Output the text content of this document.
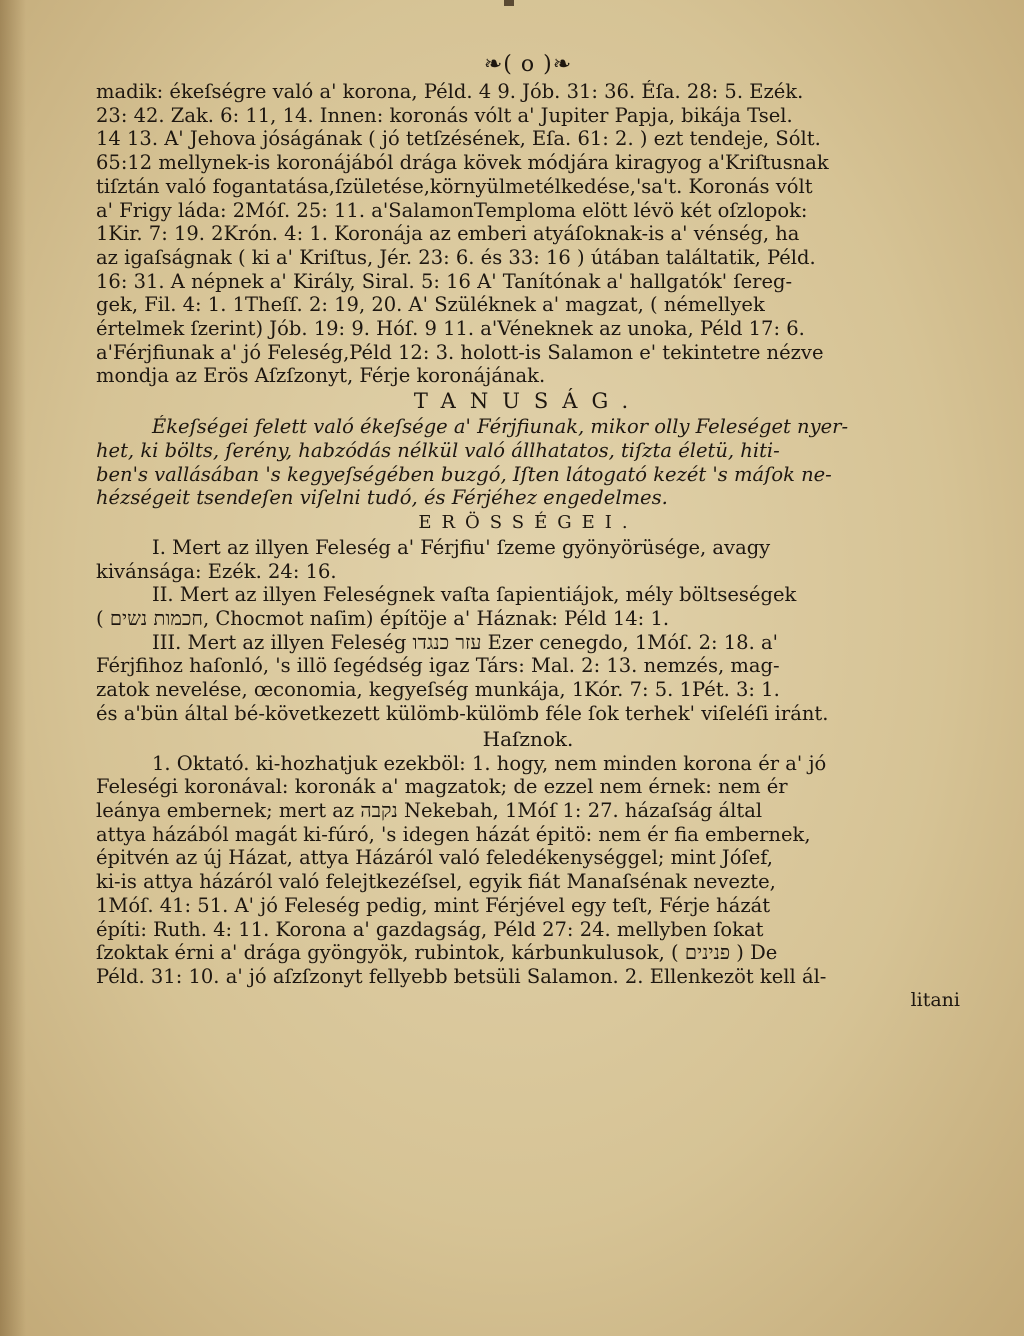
❧( o )❧
madik: ékeſségre való a' korona, Péld. 4 9. Jób. 31: 36. Éſa. 28: 5. Ezék.
23: 42. Zak. 6: 11, 14. Innen: koronás vólt a' Jupiter Papja, bikája Tsel.
14 13. A' Jehova jóságának ( jó tetſzésének, Eſa. 61: 2. ) ezt tendeje, Sólt.
65:12 mellynek-is koronájából drága kövek módjára kiragyog a'Kriſtusnak
tiſztán való fogantatása,ſzületése,környülmetélkedése,'sa't. Koronás vólt
a' Frigy láda: 2Móſ. 25: 11. a'SalamonTemploma elött lévö két oſzlopok:
1Kir. 7: 19. 2Krón. 4: 1. Koronája az emberi atyáſoknak-is a' vénség, ha
az igaſságnak ( ki a' Kriſtus, Jér. 23: 6. és 33: 16 ) útában találtatik, Péld.
16: 31. A népnek a' Király, Siral. 5: 16 A' Tanítónak a' hallgatók' ſereg-
gek, Fil. 4: 1. 1Theſſ. 2: 19, 20. A' Szüléknek a' magzat, ( némellyek
értelmek ſzerint) Jób. 19: 9. Hóſ. 9 11. a'Véneknek az unoka, Péld 17: 6.
a'Férjfiunak a' jó Feleség,Péld 12: 3. holott-is Salamon e' tekintetre nézve
mondja az Erös Aſzſzonyt, Férje koronájának.
TANUSÁG.
Ékeſségei felett való ékeſsége a' Férjfiunak, mikor olly Feleséget nyer-
het, ki bölts, ſerény, habzódás nélkül való állhatatos, tiſzta életü, hiti-
ben's vallásában 's kegyeſségében buzgó, Iſten látogató kezét 's máſok ne-
hézségeit tsendeſen viſelni tudó, és Férjéhez engedelmes.
ERÖSSÉGEI.
I. Mert az illyen Feleség a' Férjfiu' ſzeme gyönyörüsége, avagy
kivánsága: Ezék. 24: 16.
II. Mert az illyen Feleségnek vaſta ſapientiájok, mély böltseségek
( חכמות נשים, Chocmot naſim) építöje a' Háznak: Péld 14: 1.
III. Mert az illyen Feleség עזר כנגדו Ezer cenegdo, 1Móſ. 2: 18. a'
Férjfihoz haſonló, 's illö ſegédség igaz Társ: Mal. 2: 13. nemzés, mag-
zatok nevelése, œconomia, kegyeſség munkája, 1Kór. 7: 5. 1Pét. 3: 1.
és a'bün által bé-következett külömb-külömb féle ſok terhek' viſeléſi iránt.
Haſznok.
1. Oktató. ki-hozhatjuk ezekböl: 1. hogy, nem minden korona ér a' jó
Feleségi koronával: koronák a' magzatok; de ezzel nem érnek: nem ér
leánya embernek; mert az נקבה Nekebah, 1Móſ 1: 27. házaſság által
attya házából magát ki-fúró, 's idegen házát épitö: nem ér fia embernek,
épitvén az új Házat, attya Házáról való feledékenységgel; mint Jóſef,
ki-is attya házáról való felejtkezéſsel, egyik fiát Manaſsénak nevezte,
1Móſ. 41: 51. A' jó Feleség pedig, mint Férjével egy teſt, Férje házát
építi: Ruth. 4: 11. Korona a' gazdagság, Péld 27: 24. mellyben ſokat
ſzoktak érni a' drága gyöngyök, rubintok, kárbunkulusok, ( פנינים ) De
Péld. 31: 10. a' jó aſzſzonyt fellyebb betsüli Salamon. 2. Ellenkezöt kell ál-
litani
